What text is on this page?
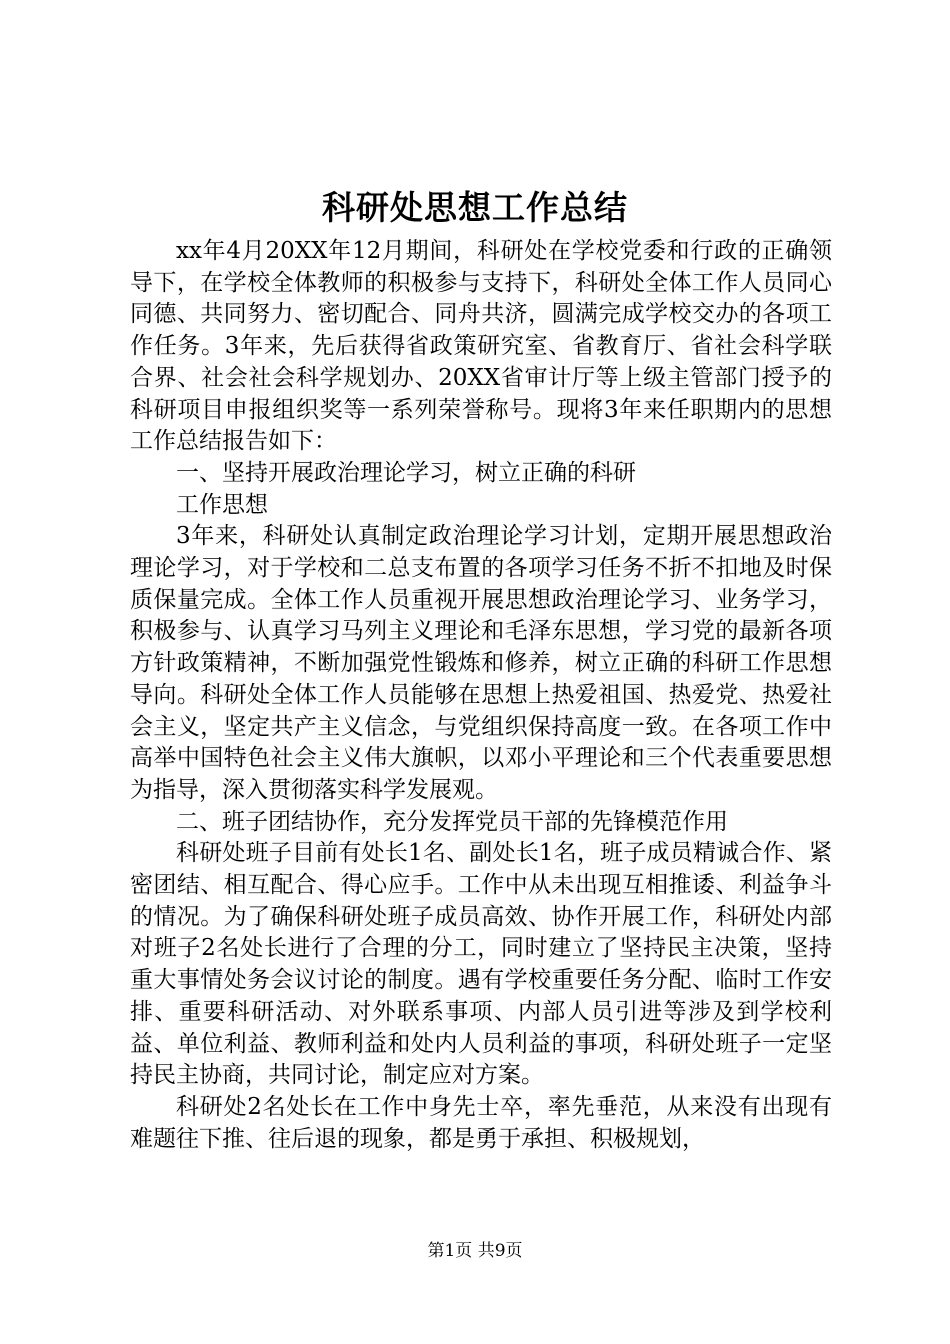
科研处思想工作总结

xx年4月20XX年12月期间，科研处在学校党委和行政的正确领导下，在学校全体教师的积极参与支持下，科研处全体工作人员同心同德、共同努力、密切配合、同舟共济，圆满完成学校交办的各项工作任务。3年来，先后获得省政策研究室、省教育厅、省社会科学联合界、社会社会科学规划办、20XX省审计厅等上级主管部门授予的科研项目申报组织奖等一系列荣誉称号。现将3年来任职期内的思想工作总结报告如下：

一、坚持开展政治理论学习，树立正确的科研

工作思想

3年来，科研处认真制定政治理论学习计划，定期开展思想政治理论学习，对于学校和二总支布置的各项学习任务不折不扣地及时保质保量完成。全体工作人员重视开展思想政治理论学习、业务学习，积极参与、认真学习马列主义理论和毛泽东思想，学习党的最新各项方针政策精神，不断加强党性锻炼和修养，树立正确的科研工作思想导向。科研处全体工作人员能够在思想上热爱祖国、热爱党、热爱社会主义，坚定共产主义信念，与党组织保持高度一致。在各项工作中高举中国特色社会主义伟大旗帜，以邓小平理论和三个代表重要思想为指导，深入贯彻落实科学发展观。

二、班子团结协作，充分发挥党员干部的先锋模范作用

科研处班子目前有处长1名、副处长1名，班子成员精诚合作、紧密团结、相互配合、得心应手。工作中从未出现互相推诿、利益争斗的情况。为了确保科研处班子成员高效、协作开展工作，科研处内部对班子2名处长进行了合理的分工，同时建立了坚持民主决策，坚持重大事情处务会议讨论的制度。遇有学校重要任务分配、临时工作安排、重要科研活动、对外联系事项、内部人员引进等涉及到学校利益、单位利益、教师利益和处内人员利益的事项，科研处班子一定坚持民主协商，共同讨论，制定应对方案。

科研处2名处长在工作中身先士卒，率先垂范，从来没有出现有难题往下推、往后退的现象，都是勇于承担、积极规划，

第1页 共9页
